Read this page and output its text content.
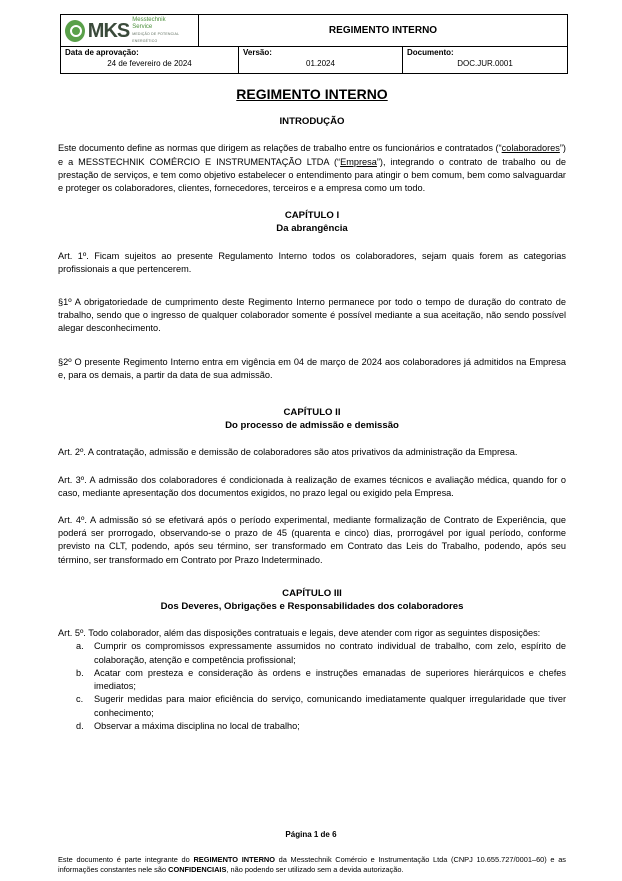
MKS Messtechnik
Service
MEDIÇÃO DE POTENCIAL ENERGÉTICO
REGIMENTO INTERNO
Data de aprovação:
24 de fevereiro de 2024
Versão:
01.2024
Documento:
DOC.JUR.0001
REGIMENTO INTERNO
INTRODUÇÃO

Este documento define as normas que dirigem as relações de trabalho entre os funcionários e contratados (“colaboradores”) e a MESSTECHNIK COMÉRCIO E INSTRUMENTAÇÃO LTDA (“Empresa”), integrando o contrato de trabalho ou de prestação de serviços, e tem como objetivo estabelecer o entendimento para atingir o bem comum, bem como salvaguardar e proteger os colaboradores, clientes, fornecedores, terceiros e a empresa como um todo.

CAPÍTULO I
Da abrangência

Art. 1º. Ficam sujeitos ao presente Regulamento Interno todos os colaboradores, sejam quais forem as categorias profissionais a que pertencerem.

§1º A obrigatoriedade de cumprimento deste Regimento Interno permanece por todo o tempo de duração do contrato de trabalho, sendo que o ingresso de qualquer colaborador somente é possível mediante a sua aceitação, não sendo possível alegar desconhecimento.

§2º O presente Regimento Interno entra em vigência em 04 de março de 2024 aos colaboradores já admitidos na Empresa e, para os demais, a partir da data de sua admissão.

CAPÍTULO II
Do processo de admissão e demissão

Art. 2º. A contratação, admissão e demissão de colaboradores são atos privativos da administração da Empresa.

Art. 3º. A admissão dos colaboradores é condicionada à realização de exames técnicos e avaliação médica, quando for o caso, mediante apresentação dos documentos exigidos, no prazo legal ou exigido pela Empresa.

Art. 4º. A admissão só se efetivará após o período experimental, mediante formalização de Contrato de Experiência, que poderá ser prorrogado, observando-se o prazo de 45 (quarenta e cinco) dias, prorrogável por igual período, conforme previsto na CLT, podendo, após seu término, ser transformado em Contrato das Leis do Trabalho, podendo, após seu término, ser transformado em Contrato por Prazo Indeterminado.

CAPÍTULO III
Dos Deveres, Obrigações e Responsabilidades dos colaboradores

Art. 5º. Todo colaborador, além das disposições contratuais e legais, deve atender com rigor as seguintes disposições:

a.	Cumprir os compromissos expressamente assumidos no contrato individual de trabalho, com zelo, espírito de colaboração, atenção e competência profissional;
b.	Acatar com presteza e consideração às ordens e instruções emanadas de superiores hierárquicos e chefes imediatos;
c.	Sugerir medidas para maior eficiência do serviço, comunicando imediatamente qualquer irregularidade que tiver conhecimento;
d.	Observar a máxima disciplina no local de trabalho;
Página 1 de 6
Este documento é parte integrante do REGIMENTO INTERNO da Messtechnik Comércio e Instrumentação Ltda (CNPJ 10.655.727/0001–60) e as informações constantes nele são CONFIDENCIAIS, não podendo ser utilizado sem a devida autorização.
